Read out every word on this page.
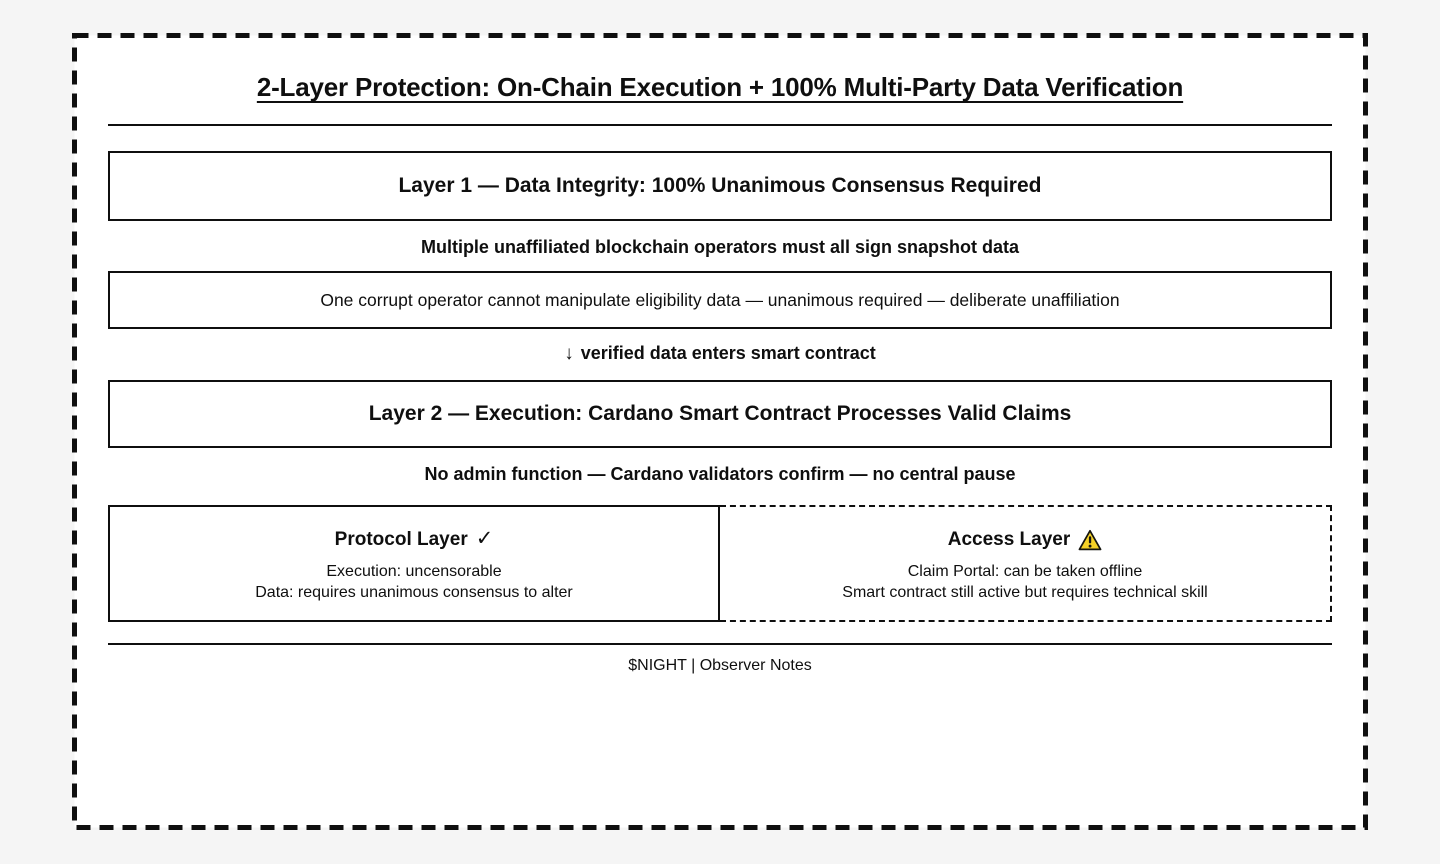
2-Layer Protection: On-Chain Execution + 100% Multi-Party Data Verification
Layer 1 — Data Integrity: 100% Unanimous Consensus Required
Multiple unaffiliated blockchain operators must all sign snapshot data
One corrupt operator cannot manipulate eligibility data — unanimous required — deliberate unaffiliation
↓ verified data enters smart contract
Layer 2 — Execution: Cardano Smart Contract Processes Valid Claims
No admin function — Cardano validators confirm — no central pause
Protocol Layer ✓
Execution: uncensorable
Data: requires unanimous consensus to alter
Access Layer
Claim Portal: can be taken offline
Smart contract still active but requires technical skill
$NIGHT | Observer Notes
